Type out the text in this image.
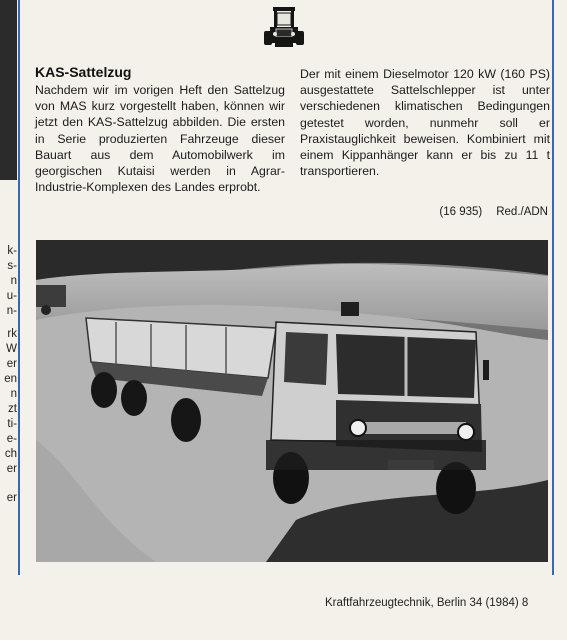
k-
s-
n
u-
n-
rk
W
er
en
n
zt
ti-
e-
ch
er
er
KAS-Sattelzug

Nachdem wir im vorigen Heft den Sattelzug von MAS kurz vorgestellt haben, können wir jetzt den KAS-Sattelzug abbilden. Die ersten in Serie produzierten Fahrzeuge dieser Bauart aus dem Automobilwerk im georgischen Kutaisi werden in Agrar-Industrie-Komplexen des Landes erprobt.

Der mit einem Dieselmotor 120 kW (160 PS) ausgestattete Sattelschlepper ist unter verschiedenen klimatischen Bedingungen getestet worden, nunmehr soll er Praxistauglichkeit beweisen. Kombiniert mit einem Kippanhänger kann er bis zu 11 t transportieren.

(16 935) Red./ADN
Kraftfahrzeugtechnik, Berlin 34 (1984) 8
